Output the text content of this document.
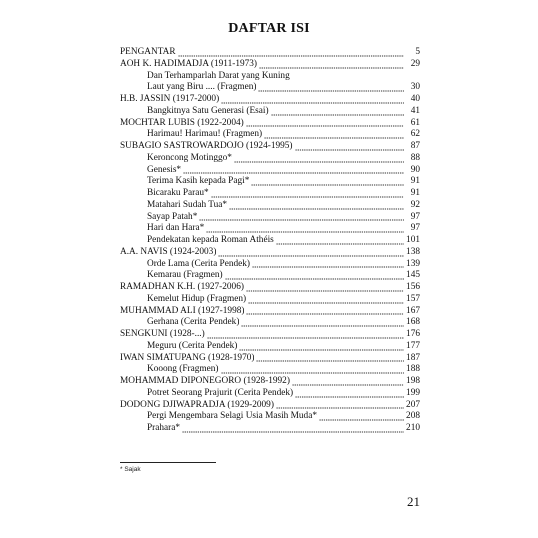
DAFTAR ISI
PENGANTAR	5
AOH K. HADIMADJA (1911-1973)	29
Dan Terhamparlah Darat yang Kuning
Laut yang Biru .... (Fragmen)	30
H.B. JASSIN (1917-2000)	40
Bangkitnya Satu Generasi (Esai)	41
MOCHTAR LUBIS (1922-2004)	61
Harimau! Harimau! (Fragmen)	62
SUBAGIO SASTROWARDOJO (1924-1995)	87
Keroncong Motinggo*	88
Genesis*	90
Terima Kasih kepada Pagi*	91
Bicaraku Parau*	91
Matahari Sudah Tua*	92
Sayap Patah*	97
Hari dan Hara*	97
Pendekatan kepada Roman Athéis	101
A.A. NAVIS (1924-2003)	138
Orde Lama (Cerita Pendek)	139
Kemarau (Fragmen)	145
RAMADHAN K.H. (1927-2006)	156
Kemelut Hidup (Fragmen)	157
MUHAMMAD ALI (1927-1998)	167
Gerhana (Cerita Pendek)	168
SENGKUNI (1928-...)	176
Meguru (Cerita Pendek)	177
IWAN SIMATUPANG (1928-1970)	187
Kooong (Fragmen)	188
MOHAMMAD DIPONEGORO (1928-1992)	198
Potret Seorang Prajurit (Cerita Pendek)	199
DODONG DJIWAPRADJA (1929-2009)	207
Pergi Mengembara Selagi Usia Masih Muda*	208
Prahara*	210
* Sajak
21
